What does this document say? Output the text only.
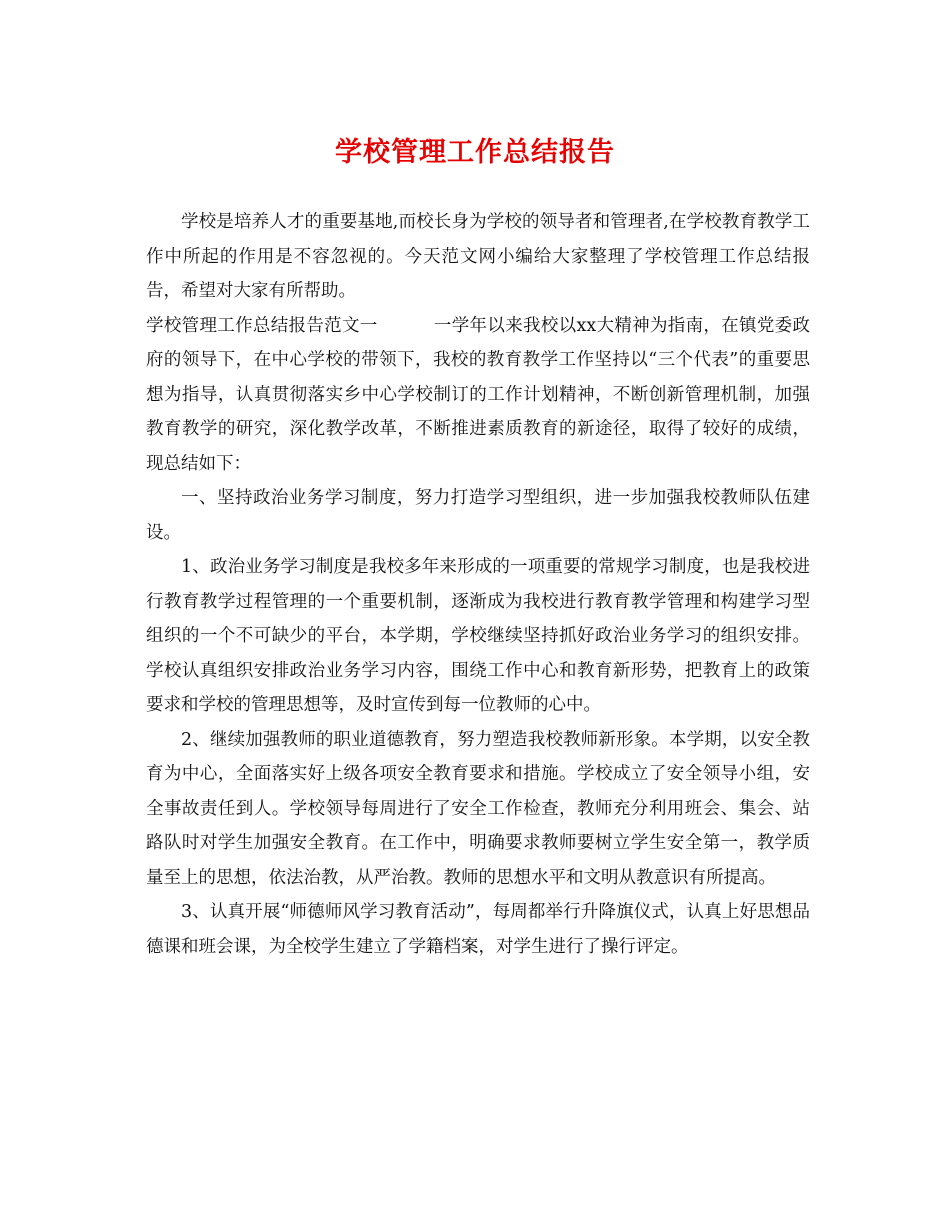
学校管理工作总结报告

学校是培养人才的重要基地,而校长身为学校的领导者和管理者,在学校教育教学工作中所起的作用是不容忽视的。今天范文网小编给大家整理了学校管理工作总结报告，希望对大家有所帮助。

学校管理工作总结报告范文一	一学年以来我校以xx大精神为指南，在镇党委政府的领导下，在中心学校的带领下，我校的教育教学工作坚持以“三个代表”的重要思想为指导，认真贯彻落实乡中心学校制订的工作计划精神，不断创新管理机制，加强教育教学的研究，深化教学改革，不断推进素质教育的新途径，取得了较好的成绩，现总结如下：

一、坚持政治业务学习制度，努力打造学习型组织，进一步加强我校教师队伍建设。

1、政治业务学习制度是我校多年来形成的一项重要的常规学习制度，也是我校进行教育教学过程管理的一个重要机制，逐渐成为我校进行教育教学管理和构建学习型组织的一个不可缺少的平台，本学期，学校继续坚持抓好政治业务学习的组织安排。学校认真组织安排政治业务学习内容，围绕工作中心和教育新形势，把教育上的政策要求和学校的管理思想等，及时宣传到每一位教师的心中。

2、继续加强教师的职业道德教育，努力塑造我校教师新形象。本学期，以安全教育为中心，全面落实好上级各项安全教育要求和措施。学校成立了安全领导小组，安全事故责任到人。学校领导每周进行了安全工作检查，教师充分利用班会、集会、站路队时对学生加强安全教育。在工作中，明确要求教师要树立学生安全第一，教学质量至上的思想，依法治教，从严治教。教师的思想水平和文明从教意识有所提高。

3、认真开展“师德师风学习教育活动”，每周都举行升降旗仪式，认真上好思想品德课和班会课，为全校学生建立了学籍档案，对学生进行了操行评定。
